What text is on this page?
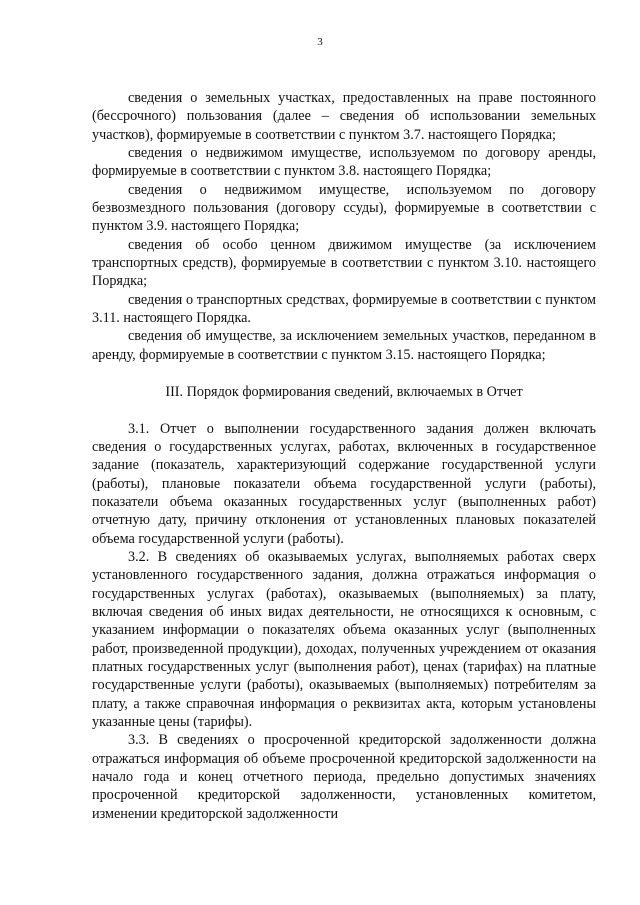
3

сведения о земельных участках, предоставленных на праве постоянного (бессрочного) пользования (далее – сведения об использовании земельных участков), формируемые в соответствии с пунктом 3.7. настоящего Порядка;

сведения о недвижимом имуществе, используемом по договору аренды, формируемые в соответствии с пунктом 3.8. настоящего Порядка;

сведения о недвижимом имуществе, используемом по договору безвозмездного пользования (договору ссуды), формируемые в соответствии с пунктом 3.9. настоящего Порядка;

сведения об особо ценном движимом имуществе (за исключением транспортных средств), формируемые в соответствии с пунктом 3.10. настоящего Порядка;

сведения о транспортных средствах, формируемые в соответствии с пунктом 3.11. настоящего Порядка.

сведения об имуществе, за исключением земельных участков, переданном в аренду, формируемые в соответствии с пунктом 3.15. настоящего Порядка;

III. Порядок формирования сведений, включаемых в Отчет

3.1. Отчет о выполнении государственного задания должен включать сведения о государственных услугах, работах, включенных в государственное задание (показатель, характеризующий содержание государственной услуги (работы), плановые показатели объема государственной услуги (работы), показатели объема оказанных государственных услуг (выполненных работ) отчетную дату, причину отклонения от установленных плановых показателей объема государственной услуги (работы).

3.2. В сведениях об оказываемых услугах, выполняемых работах сверх установленного государственного задания, должна отражаться информация о государственных услугах (работах), оказываемых (выполняемых) за плату, включая сведения об иных видах деятельности, не относящихся к основным, с указанием информации о показателях объема оказанных услуг (выполненных работ, произведенной продукции), доходах, полученных учреждением от оказания платных государственных услуг (выполнения работ), ценах (тарифах) на платные государственные услуги (работы), оказываемых (выполняемых) потребителям за плату, а также справочная информация о реквизитах акта, которым установлены указанные цены (тарифы).

3.3. В сведениях о просроченной кредиторской задолженности должна отражаться информация об объеме просроченной кредиторской задолженности на начало года и конец отчетного периода, предельно допустимых значениях просроченной кредиторской задолженности, установленных комитетом, изменении кредиторской задолженности
